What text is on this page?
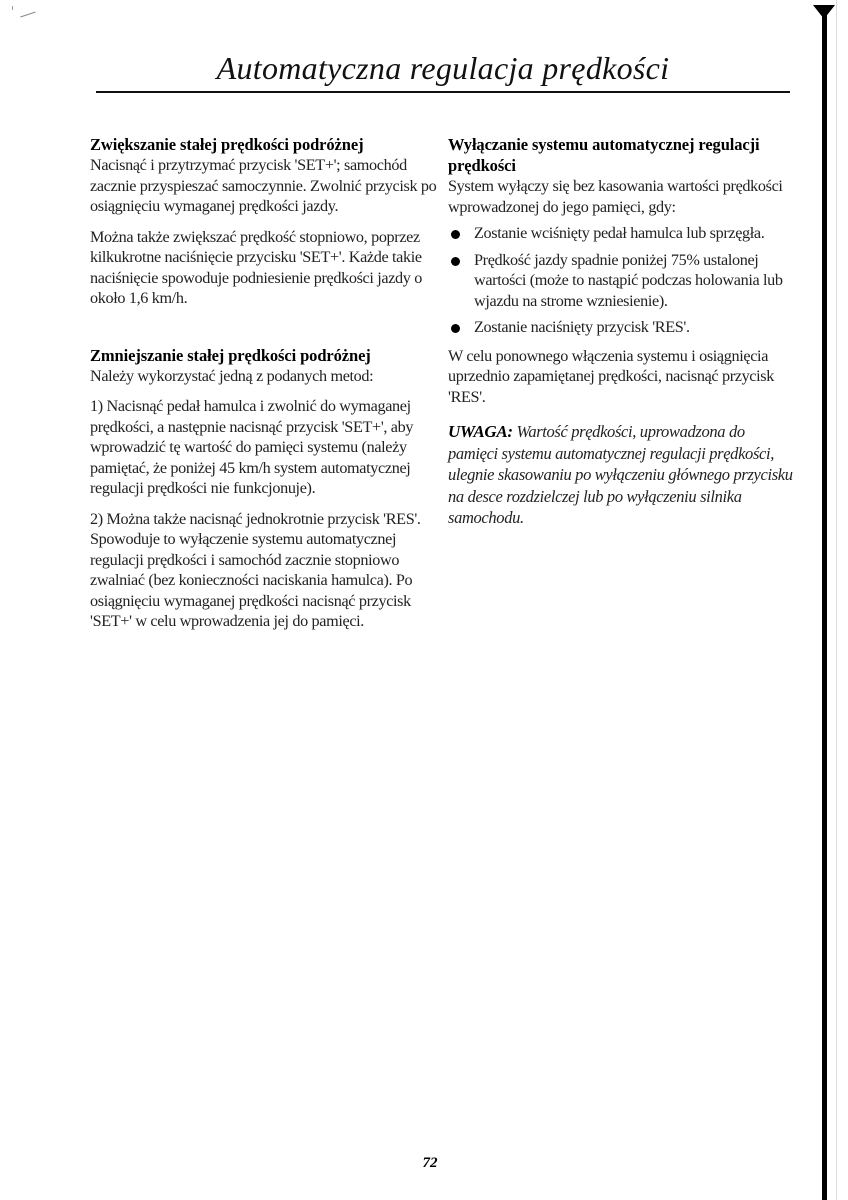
Automatyczna regulacja prędkości
Zwiększanie stałej prędkości podróżnej

Nacisnąć i przytrzymać przycisk 'SET+'; samochód zacznie przyspieszać samoczynnie. Zwolnić przycisk po osiągnięciu wymaganej prędkości jazdy.

Można także zwiększać prędkość stopniowo, poprzez kilkukrotne naciśnięcie przycisku 'SET+'. Każde takie naciśnięcie spowoduje podniesienie prędkości jazdy o około 1,6 km/h.

Zmniejszanie stałej prędkości podróżnej

Należy wykorzystać jedną z podanych metod:

1) Nacisnąć pedał hamulca i zwolnić do wymaganej prędkości, a następnie nacisnąć przycisk 'SET+', aby wprowadzić tę wartość do pamięci systemu (należy pamiętać, że poniżej 45 km/h system automatycznej regulacji prędkości nie funkcjonuje).

2) Można także nacisnąć jednokrotnie przycisk 'RES'. Spowoduje to wyłączenie systemu automatycznej regulacji prędkości i samochód zacznie stopniowo zwalniać (bez konieczności naciskania hamulca). Po osiągnięciu wymaganej prędkości nacisnąć przycisk 'SET+' w celu wprowadzenia jej do pamięci.

Wyłączanie systemu automatycznej regulacji prędkości

System wyłączy się bez kasowania wartości prędkości wprowadzonej do jego pamięci, gdy:

Zostanie wciśnięty pedał hamulca lub sprzęgła.
Prędkość jazdy spadnie poniżej 75% ustalonej wartości (może to nastąpić podczas holowania lub wjazdu na strome wzniesienie).
Zostanie naciśnięty przycisk 'RES'.

W celu ponownego włączenia systemu i osiągnięcia uprzednio zapamiętanej prędkości, nacisnąć przycisk 'RES'.

UWAGA: Wartość prędkości, uprowadzona do pamięci systemu automatycznej regulacji prędkości, ulegnie skasowaniu po wyłączeniu głównego przycisku na desce rozdzielczej lub po wyłączeniu silnika samochodu.

72
